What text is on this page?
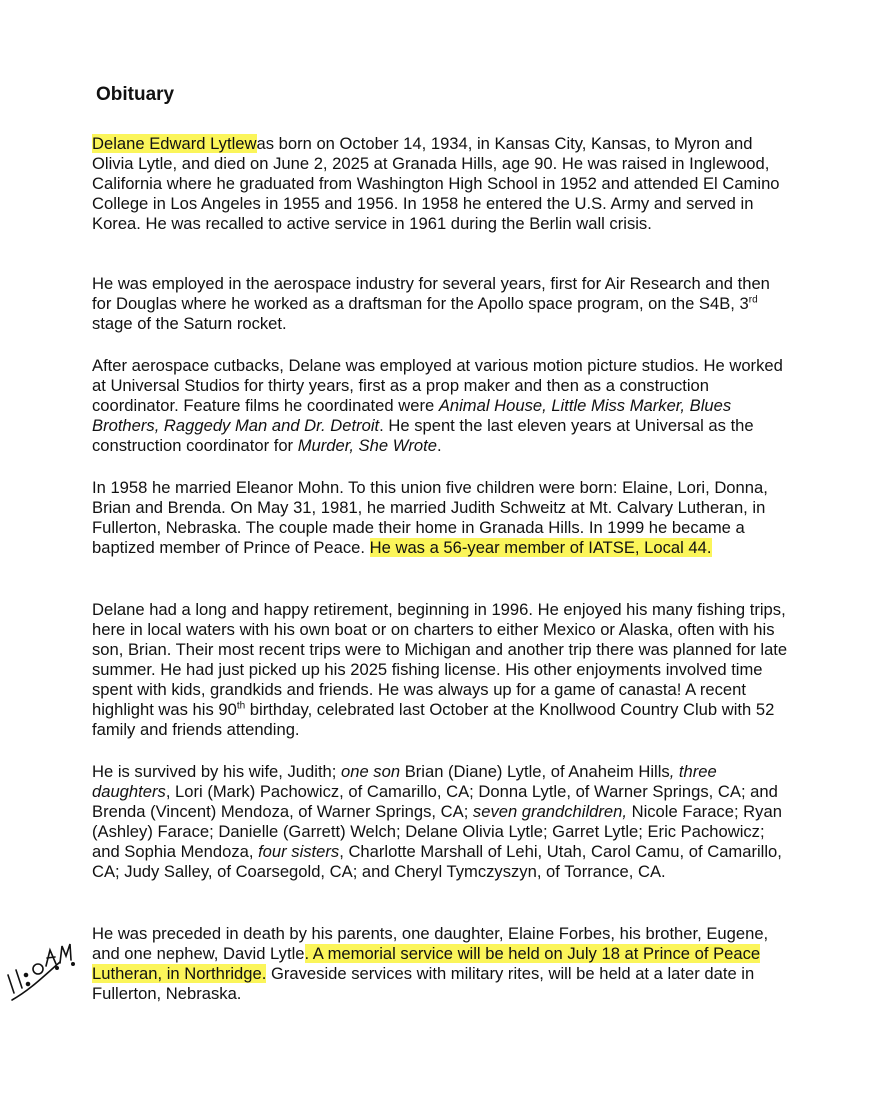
Obituary

Delane Edward Lytlewas born on October 14, 1934, in Kansas City, Kansas, to Myron and Olivia Lytle, and died on June 2, 2025 at Granada Hills, age 90. He was raised in Inglewood, California where he graduated from Washington High School in 1952 and attended El Camino College in Los Angeles in 1955 and 1956. In 1958 he entered the U.S. Army and served in Korea. He was recalled to active service in 1961 during the Berlin wall crisis.

He was employed in the aerospace industry for several years, first for Air Research and then for Douglas where he worked as a draftsman for the Apollo space program, on the S4B, 3rd stage of the Saturn rocket.

After aerospace cutbacks, Delane was employed at various motion picture studios. He worked at Universal Studios for thirty years, first as a prop maker and then as a construction coordinator. Feature films he coordinated were Animal House, Little Miss Marker, Blues Brothers, Raggedy Man and Dr. Detroit. He spent the last eleven years at Universal as the construction coordinator for Murder, She Wrote.

In 1958 he married Eleanor Mohn. To this union five children were born: Elaine, Lori, Donna, Brian and Brenda. On May 31, 1981, he married Judith Schweitz at Mt. Calvary Lutheran, in Fullerton, Nebraska. The couple made their home in Granada Hills. In 1999 he became a baptized member of Prince of Peace. He was a 56-year member of IATSE, Local 44.

Delane had a long and happy retirement, beginning in 1996. He enjoyed his many fishing trips, here in local waters with his own boat or on charters to either Mexico or Alaska, often with his son, Brian. Their most recent trips were to Michigan and another trip there was planned for late summer. He had just picked up his 2025 fishing license. His other enjoyments involved time spent with kids, grandkids and friends. He was always up for a game of canasta! A recent highlight was his 90th birthday, celebrated last October at the Knollwood Country Club with 52 family and friends attending.

He is survived by his wife, Judith; one son Brian (Diane) Lytle, of Anaheim Hills, three daughters, Lori (Mark) Pachowicz, of Camarillo, CA; Donna Lytle, of Warner Springs, CA; and Brenda (Vincent) Mendoza, of Warner Springs, CA; seven grandchildren, Nicole Farace; Ryan (Ashley) Farace; Danielle (Garrett) Welch; Delane Olivia Lytle; Garret Lytle; Eric Pachowicz; and Sophia Mendoza, four sisters, Charlotte Marshall of Lehi, Utah, Carol Camu, of Camarillo, CA; Judy Salley, of Coarsegold, CA; and Cheryl Tymczyszyn, of Torrance, CA.

He was preceded in death by his parents, one daughter, Elaine Forbes, his brother, Eugene, and one nephew, David Lytle. A memorial service will be held on July 18 at Prince of Peace Lutheran, in Northridge. Graveside services with military rites, will be held at a later date in Fullerton, Nebraska.
